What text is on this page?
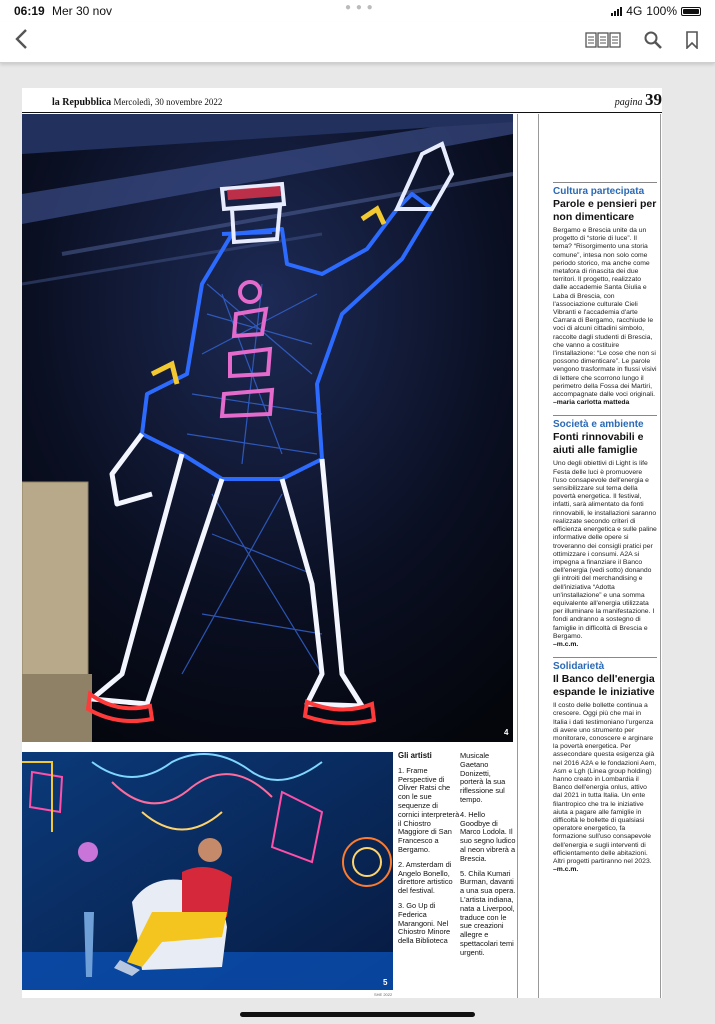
06:19 Mer 30 nov	● ● ●	4G 100%
la Repubblica Mercoledì, 30 novembre 2022	pagina 39
4
5
SHE 2022
Gli artisti

1. Frame Perspective di Oliver Ratsi che con le sue sequenze di cornici interpreterà il Chiostro Maggiore di San Francesco a Bergamo.

2. Amsterdam di Angelo Bonello, direttore artistico del festival.

3. Go Up di Federica Marangoni. Nel Chiostro Minore della Biblioteca

Musicale Gaetano Donizetti, porterà la sua riflessione sul tempo.

4. Hello Goodbye di Marco Lodola. Il suo segno ludico al neon vibrerà a Brescia.

5. Chila Kumari Burman, davanti a una sua opera. L'artista indiana, nata a Liverpool, traduce con le sue creazioni allegre e spettacolari temi urgenti.

Cultura partecipata
Parole e pensieri per non dimenticare
Bergamo e Brescia unite da un progetto di “storie di luce”. Il tema? “Risorgimento una storia comune”, intesa non solo come periodo storico, ma anche come metafora di rinascita dei due territori. Il progetto, realizzato dalle accademie Santa Giulia e Laba di Brescia, con l'associazione culturale Cieli Vibranti e l'accademia d'arte Carrara di Bergamo, racchiude le voci di alcuni cittadini simbolo, raccolte dagli studenti di Brescia, che vanno a costituire l'installazione: “Le cose che non si possono dimenticare”. Le parole vengono trasformate in flussi visivi di lettere che scorrono lungo il perimetro della Fossa dei Martiri, accompagnate dalle voci originali.
–maria carlotta matteda
Società e ambiente
Fonti rinnovabili e aiuti alle famiglie
Uno degli obiettivi di Light is life Festa delle luci è promuovere l'uso consapevole dell'energia e sensibilizzare sul tema della povertà energetica. Il festival, infatti, sarà alimentato da fonti rinnovabili, le installazioni saranno realizzate secondo criteri di efficienza energetica e sulle paline informative delle opere si troveranno dei consigli pratici per ottimizzare i consumi. A2A si impegna a finanziare il Banco dell'energia (vedi sotto) donando gli introiti del merchandising e dell'iniziativa “Adotta un'installazione” e una somma equivalente all'energia utilizzata per illuminare la manifestazione. I fondi andranno a sostegno di famiglie in difficoltà di Brescia e Bergamo.
–m.c.m.
Solidarietà
Il Banco dell'energia espande le iniziative
Il costo delle bollette continua a crescere. Oggi più che mai in Italia i dati testimoniano l'urgenza di avere uno strumento per monitorare, conoscere e arginare la povertà energetica. Per assecondare questa esigenza già nel 2016 A2A e le fondazioni Aem, Asm e Lgh (Linea group holding) hanno creato in Lombardia il Banco dell'energia onlus, attivo dal 2021 in tutta Italia. Un ente filantropico che tra le iniziative aiuta a pagare alle famiglie in difficoltà le bollette di qualsiasi operatore energetico, fa formazione sull'uso consapevole dell'energia e sugli interventi di efficientamento delle abitazioni. Altri progetti partiranno nel 2023.
–m.c.m.
